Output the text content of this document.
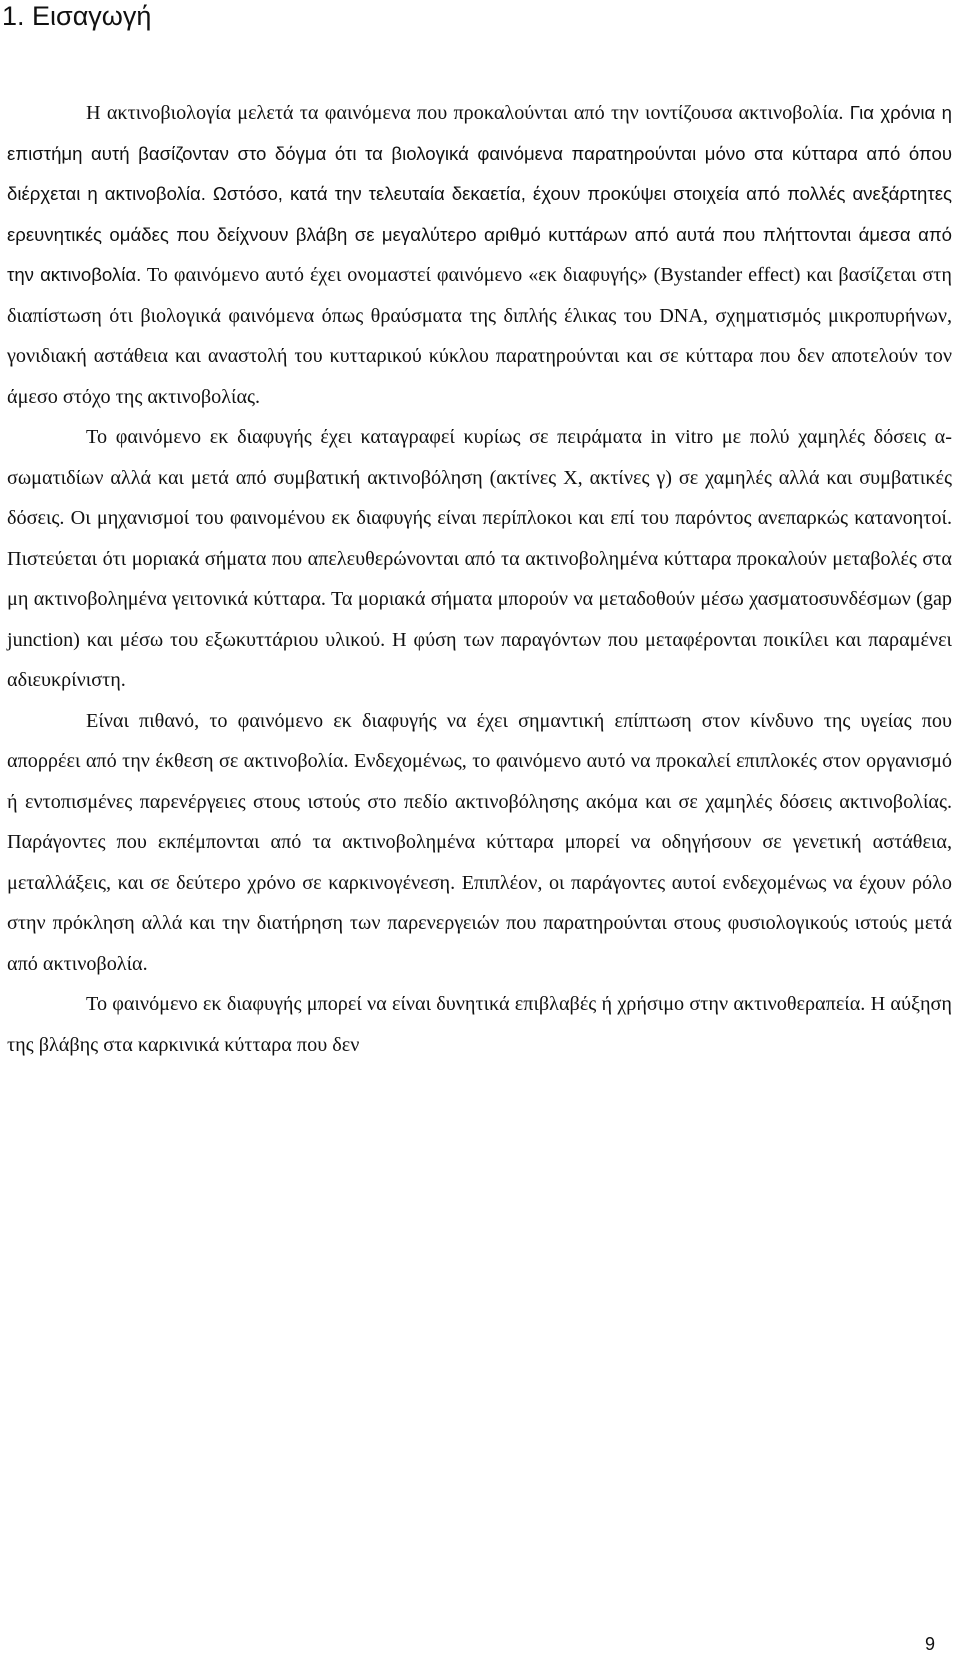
1. Εισαγωγή

Η ακτινοβιολογία μελετά τα φαινόμενα που προκαλούνται από την ιοντίζουσα ακτινοβολία. Για χρόνια η επιστήμη αυτή βασίζονταν στο δόγμα ότι τα βιολογικά φαινόμενα παρατηρούνται μόνο στα κύτταρα από όπου διέρχεται η ακτινοβολία. Ωστόσο, κατά την τελευταία δεκαετία, έχουν προκύψει στοιχεία από πολλές ανεξάρτητες ερευνητικές ομάδες που δείχνουν βλάβη σε μεγαλύτερο αριθμό κυττάρων από αυτά που πλήττονται άμεσα από την ακτινοβολία. Το φαινόμενο αυτό έχει ονομαστεί φαινόμενο «εκ διαφυγής» (Bystander effect) και βασίζεται στη διαπίστωση ότι βιολογικά φαινόμενα όπως θραύσματα της διπλής έλικας του DNA, σχηματισμός μικροπυρήνων, γονιδιακή αστάθεια και αναστολή του κυτταρικού κύκλου παρατηρούνται και σε κύτταρα που δεν αποτελούν τον άμεσο στόχο της ακτινοβολίας.

Το φαινόμενο εκ διαφυγής έχει καταγραφεί κυρίως σε πειράματα in vitro με πολύ χαμηλές δόσεις α-σωματιδίων αλλά και μετά από συμβατική ακτινοβόληση (ακτίνες Χ, ακτίνες γ) σε χαμηλές αλλά και συμβατικές δόσεις. Οι μηχανισμοί του φαινομένου εκ διαφυγής είναι περίπλοκοι και επί του παρόντος ανεπαρκώς κατανοητοί. Πιστεύεται ότι μοριακά σήματα που απελευθερώνονται από τα ακτινοβολημένα κύτταρα προκαλούν μεταβολές στα μη ακτινοβολημένα γειτονικά κύτταρα. Τα μοριακά σήματα μπορούν να μεταδοθούν μέσω χασματοσυνδέσμων (gap junction) και μέσω του εξωκυττάριου υλικού. Η φύση των παραγόντων που μεταφέρονται ποικίλει και παραμένει αδιευκρίνιστη.

Είναι πιθανό, το φαινόμενο εκ διαφυγής να έχει σημαντική επίπτωση στον κίνδυνο της υγείας που απορρέει από την έκθεση σε ακτινοβολία. Ενδεχομένως, το φαινόμενο αυτό να προκαλεί επιπλοκές στον οργανισμό ή εντοπισμένες παρενέργειες στους ιστούς στο πεδίο ακτινοβόλησης ακόμα και σε χαμηλές δόσεις ακτινοβολίας. Παράγοντες που εκπέμπονται από τα ακτινοβολημένα κύτταρα μπορεί να οδηγήσουν σε γενετική αστάθεια, μεταλλάξεις, και σε δεύτερο χρόνο σε καρκινογένεση. Επιπλέον, οι παράγοντες αυτοί ενδεχομένως να έχουν ρόλο στην πρόκληση αλλά και την διατήρηση των παρενεργειών που παρατηρούνται στους φυσιολογικούς ιστούς μετά από ακτινοβολία.

Το φαινόμενο εκ διαφυγής μπορεί να είναι δυνητικά επιβλαβές ή χρήσιμο στην ακτινοθεραπεία. Η αύξηση της βλάβης στα καρκινικά κύτταρα που δεν

9
